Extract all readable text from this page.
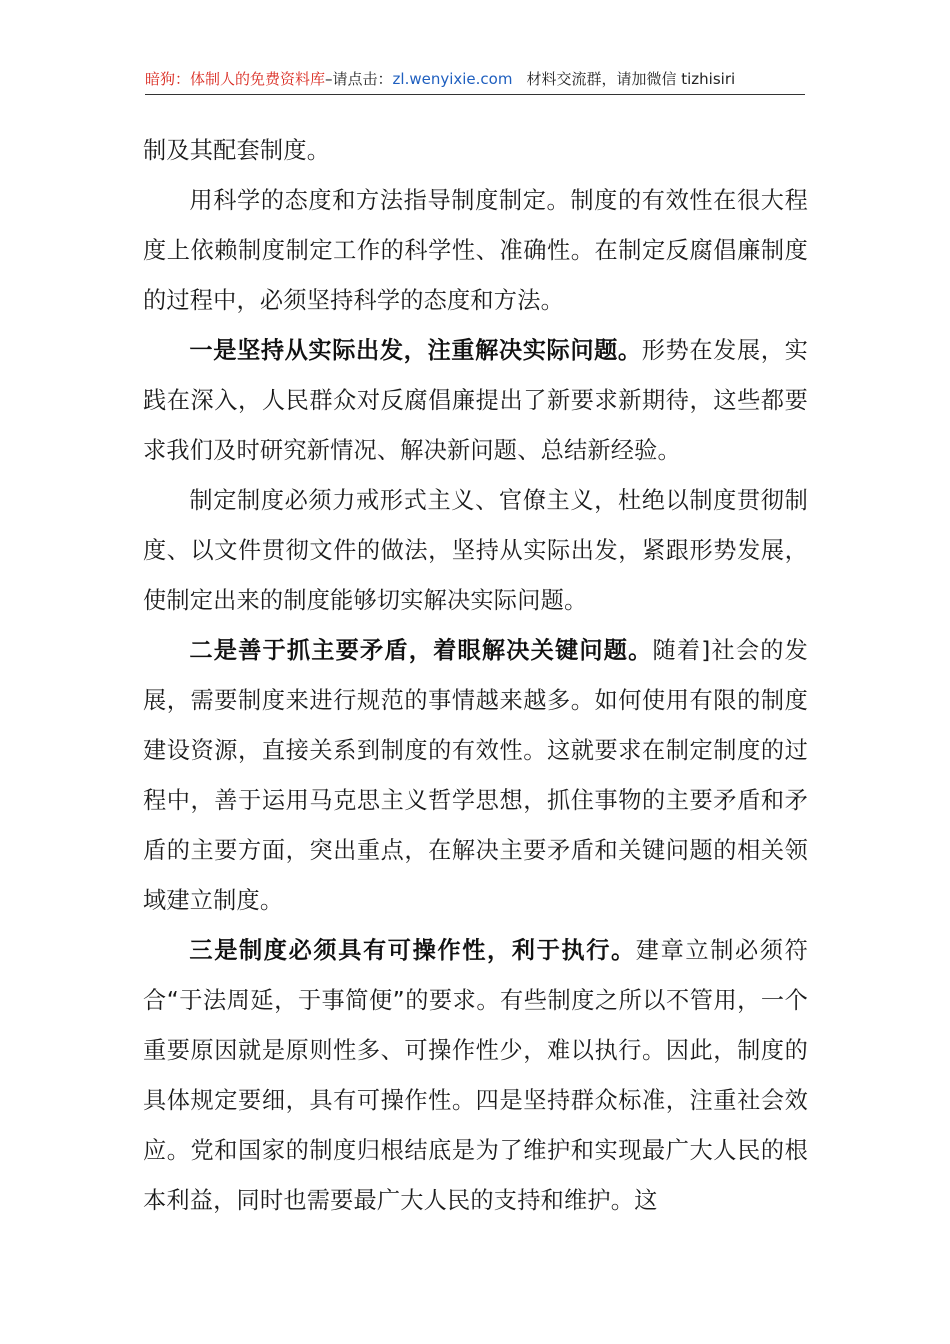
暗狗：体制人的免费资料库–请点击：zl.wenyixie.com 材料交流群，请加微信 tizhisiri

制及其配套制度。

用科学的态度和方法指导制度制定。制度的有效性在很大程度上依赖制度制定工作的科学性、准确性。在制定反腐倡廉制度的过程中，必须坚持科学的态度和方法。

一是坚持从实际出发，注重解决实际问题。形势在发展，实践在深入，人民群众对反腐倡廉提出了新要求新期待，这些都要求我们及时研究新情况、解决新问题、总结新经验。

制定制度必须力戒形式主义、官僚主义，杜绝以制度贯彻制度、以文件贯彻文件的做法，坚持从实际出发，紧跟形势发展，使制定出来的制度能够切实解决实际问题。

二是善于抓主要矛盾，着眼解决关键问题。随着]社会的发展，需要制度来进行规范的事情越来越多。如何使用有限的制度建设资源，直接关系到制度的有效性。这就要求在制定制度的过程中，善于运用马克思主义哲学思想，抓住事物的主要矛盾和矛盾的主要方面，突出重点，在解决主要矛盾和关键问题的相关领域建立制度。

三是制度必须具有可操作性，利于执行。建章立制必须符合“于法周延，于事简便”的要求。有些制度之所以不管用，一个重要原因就是原则性多、可操作性少，难以执行。因此，制度的具体规定要细，具有可操作性。四是坚持群众标准，注重社会效应。党和国家的制度归根结底是为了维护和实现最广大人民的根本利益，同时也需要最广大人民的支持和维护。这
